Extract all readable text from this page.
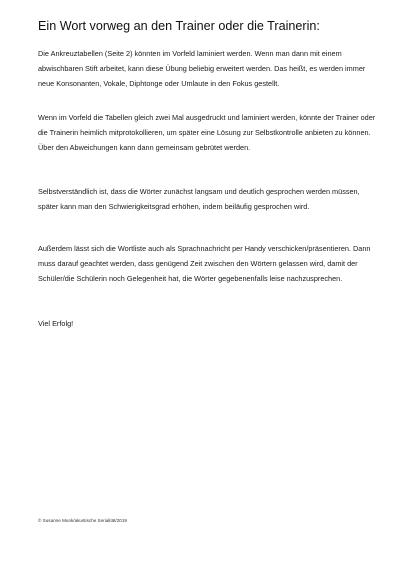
Ein Wort vorweg an den Trainer oder die Trainerin:

Die Ankreuztabellen (Seite 2) könnten im Vorfeld laminiert werden. Wenn man dann mit einem abwischbaren Stift arbeitet, kann diese Übung beliebig erweitert werden. Das heißt, es werden immer neue Konsonanten, Vokale, Diphtonge oder Umlaute in den Fokus gestellt.

Wenn im Vorfeld die Tabellen gleich zwei Mal ausgedruckt und laminiert werden, könnte der Trainer oder die Trainerin heimlich mitprotokollieren, um später eine Lösung zur Selbstkontrolle anbieten zu können. Über den Abweichungen kann dann gemeinsam gebrütet werden.

Selbstverständlich ist, dass die Wörter zunächst langsam und deutlich gesprochen werden müssen, später kann man den Schwierigkeitsgrad erhöhen, indem beiläufig gesprochen wird.

Außerdem lässt sich die Wortliste auch als Sprachnachricht per Handy verschicken/präsentieren. Dann muss darauf geachtet werden, dass genügend Zeit zwischen den Wörtern gelassen wird, damit der Schüler/die Schülerin noch Gelegenheit hat, die Wörter gegebenenfalls leise nachzusprechen.

Viel Erfolg!

© Susanne Munk/akustische Serialität/2019
